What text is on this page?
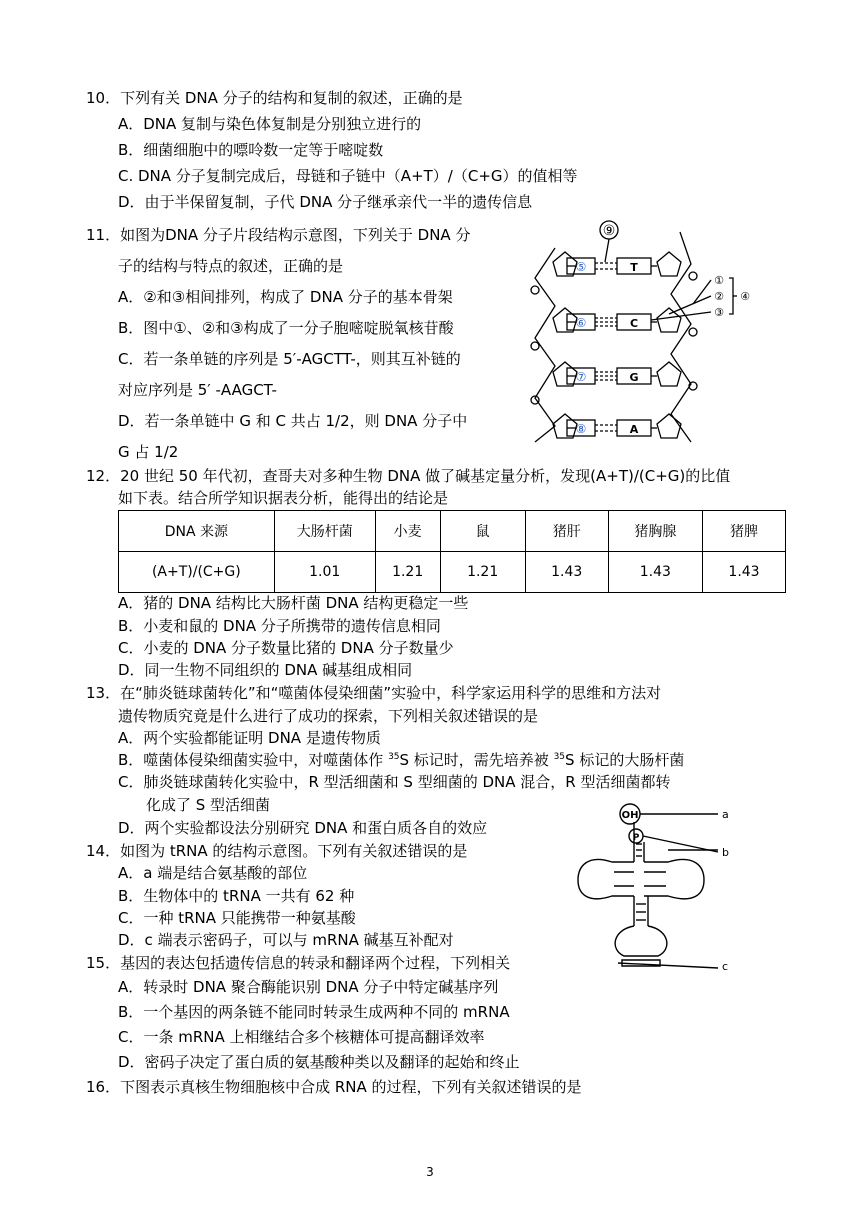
10．下列有关 DNA 分子的结构和复制的叙述，正确的是
A．DNA 复制与染色体复制是分别独立进行的
B．细菌细胞中的嘌呤数一定等于嘧啶数
C. DNA 分子复制完成后，母链和子链中（A+T）/（C+G）的值相等
D．由于半保留复制，子代 DNA 分子继承亲代一半的遗传信息
11．如图为DNA 分子片段结构示意图，下列关于 DNA 分
子的结构与特点的叙述，正确的是
A．②和③相间排列，构成了 DNA 分子的基本骨架
B．图中①、②和③构成了一分子胞嘧啶脱氧核苷酸
C．若一条单链的序列是 5′-AGCTT-，则其互补链的
对应序列是 5′ -AAGCT-
D．若一条单链中 G 和 C 共占 1/2，则 DNA 分子中
G 占 1/2
⑨
⑤
⑥
⑦
⑧
T
C
G
A
①
②
③
④
12．20 世纪 50 年代初，查哥夫对多种生物 DNA 做了碱基定量分析，发现(A+T)/(C+G)的比值
如下表。结合所学知识据表分析，能得出的结论是
DNA 来源	大肠杆菌	小麦	鼠	猪肝	猪胸腺	猪脾
(A+T)/(C+G)	1.01	1.21	1.21	1.43	1.43	1.43
A．猪的 DNA 结构比大肠杆菌 DNA 结构更稳定一些
B．小麦和鼠的 DNA 分子所携带的遗传信息相同
C．小麦的 DNA 分子数量比猪的 DNA 分子数量少
D．同一生物不同组织的 DNA 碱基组成相同
13．在“肺炎链球菌转化”和“噬菌体侵染细菌”实验中，科学家运用科学的思维和方法对
遗传物质究竟是什么进行了成功的探索，下列相关叙述错误的是
A．两个实验都能证明 DNA 是遗传物质
B．噬菌体侵染细菌实验中，对噬菌体作 $^{35}$S 标记时，需先培养被 $^{35}$S 标记的大肠杆菌
C．肺炎链球菌转化实验中，R 型活细菌和 S 型细菌的 DNA 混合，R 型活细菌都转
化成了 S 型活细菌
D．两个实验都设法分别研究 DNA 和蛋白质各自的效应
14．如图为 tRNA 的结构示意图。下列有关叙述错误的是
A．a 端是结合氨基酸的部位
B．生物体中的 tRNA 一共有 62 种
C．一种 tRNA 只能携带一种氨基酸
D．c 端表示密码子，可以与 mRNA 碱基互补配对
OH
P
a
b
c
15．基因的表达包括遗传信息的转录和翻译两个过程，下列相关
A．转录时 DNA 聚合酶能识别 DNA 分子中特定碱基序列
B．一个基因的两条链不能同时转录生成两种不同的 mRNA
C．一条 mRNA 上相继结合多个核糖体可提高翻译效率
D．密码子决定了蛋白质的氨基酸种类以及翻译的起始和终止
16．下图表示真核生物细胞核中合成 RNA 的过程，下列有关叙述错误的是
3
